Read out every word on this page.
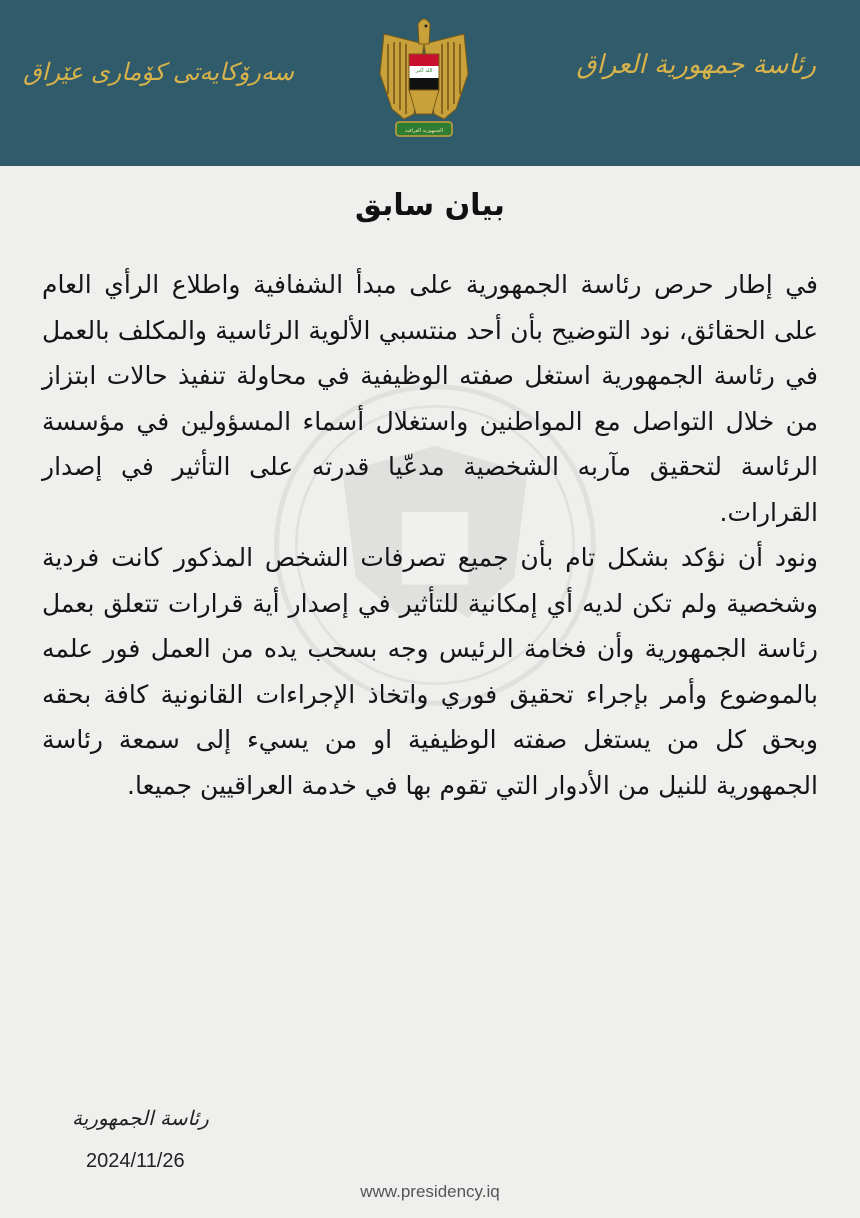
رئاسة جمهورية العراق
سەرۆکایەتی کۆماری عێراق	الله أكبر
الجمهورية العراقية
بيان سابق

في إطار حرص رئاسة الجمهورية على مبدأ الشفافية واطلاع الرأي العام على الحقائق، نود التوضيح بأن أحد منتسبي الألوية الرئاسية والمكلف بالعمل في رئاسة الجمهورية استغل صفته الوظيفية في محاولة تنفيذ حالات ابتزاز من خلال التواصل مع المواطنين واستغلال أسماء المسؤولين في مؤسسة الرئاسة لتحقيق مآربه الشخصية مدعّيا قدرته على التأثير في إصدار القرارات.

ونود أن نؤكد بشكل تام بأن جميع تصرفات الشخص المذكور كانت فردية وشخصية ولم تكن لديه أي إمكانية للتأثير في إصدار أية قرارات تتعلق بعمل رئاسة الجمهورية وأن فخامة الرئيس وجه بسحب يده من العمل فور علمه بالموضوع وأمر بإجراء تحقيق فوري واتخاذ الإجراءات القانونية كافة بحقه وبحق كل من يستغل صفته الوظيفية او من يسيء إلى سمعة رئاسة الجمهورية للنيل من الأدوار التي تقوم بها في خدمة العراقيين جميعا.

رئاسة الجمهورية
2024/11/26
www.presidency.iq
